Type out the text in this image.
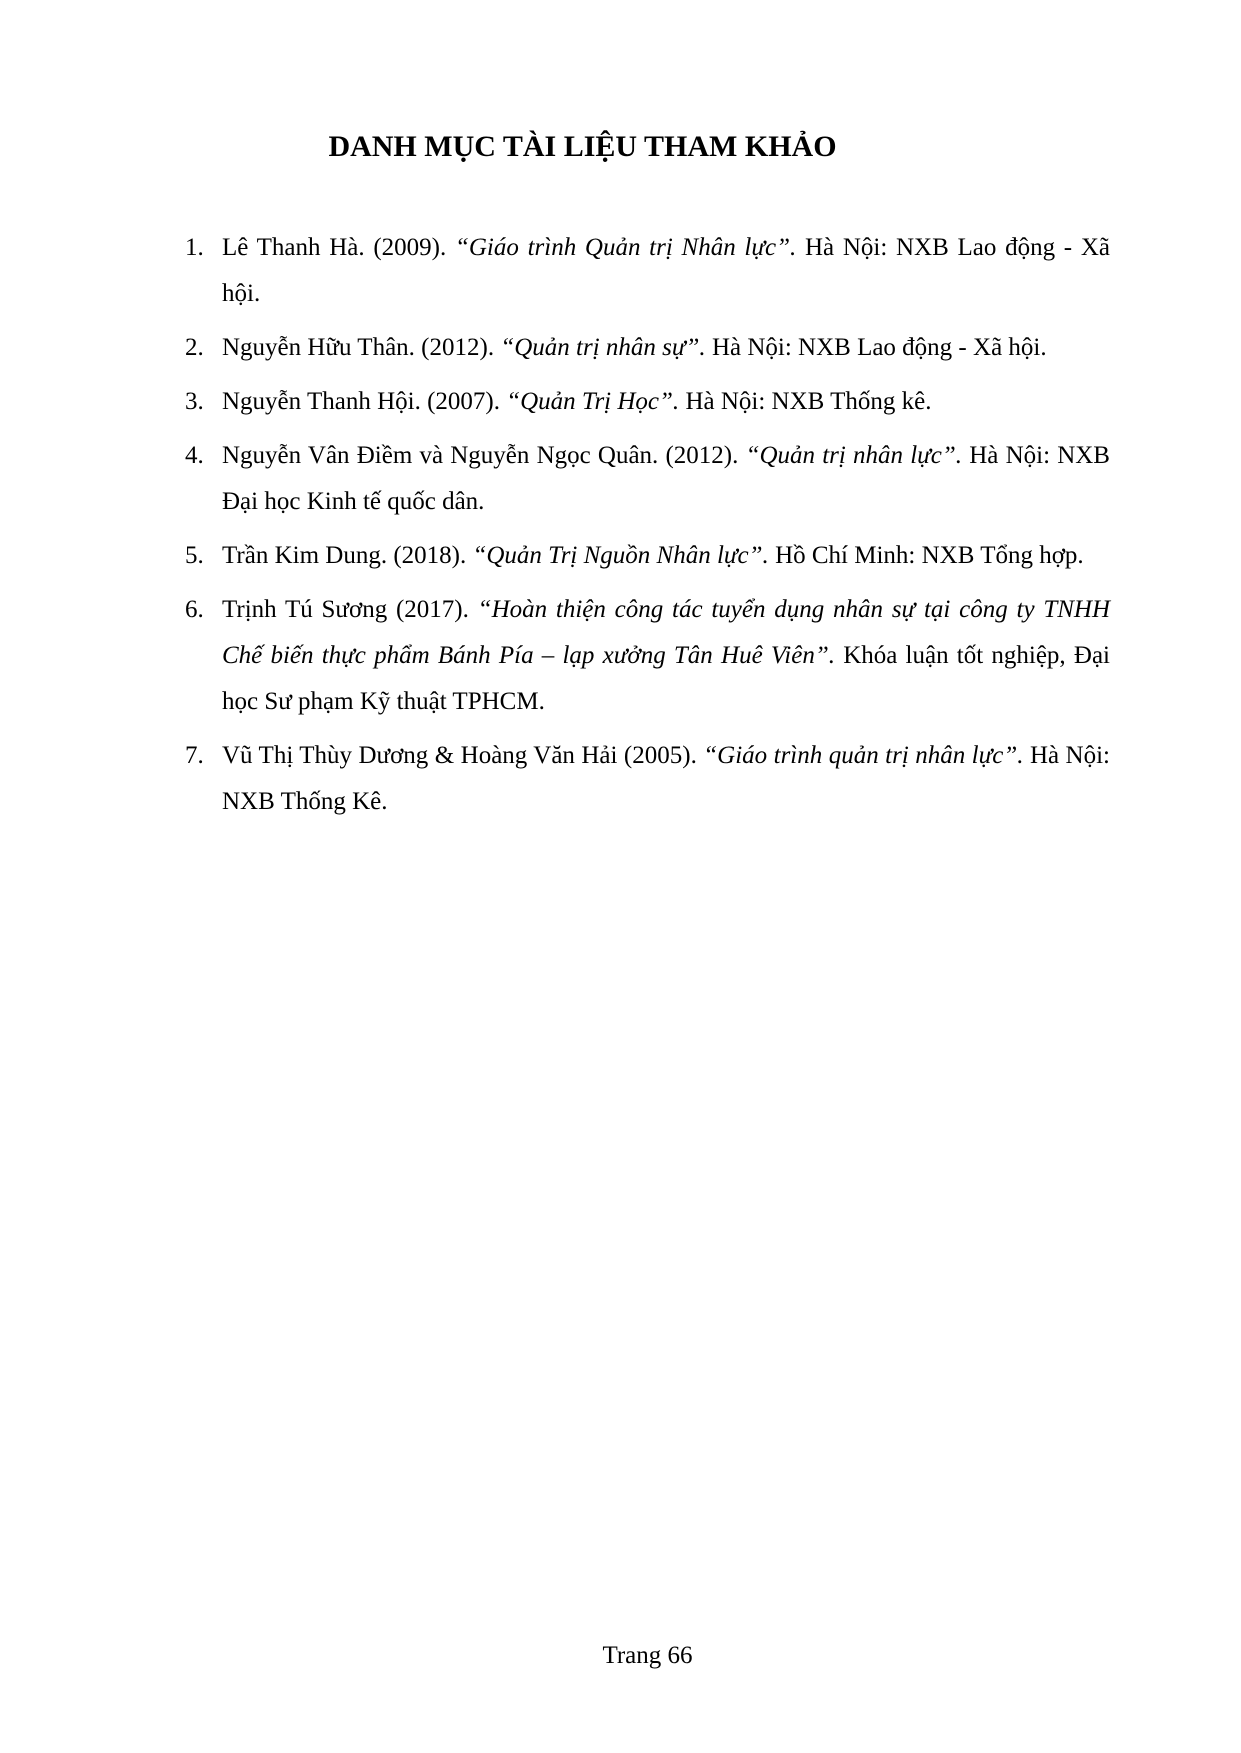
DANH MỤC TÀI LIỆU THAM KHẢO
1. Lê Thanh Hà. (2009). “Giáo trình Quản trị Nhân lực”. Hà Nội: NXB Lao động - Xã hội.
2. Nguyễn Hữu Thân. (2012). “Quản trị nhân sự”. Hà Nội: NXB Lao động - Xã hội.
3. Nguyễn Thanh Hội. (2007). “Quản Trị Học”. Hà Nội: NXB Thống kê.
4. Nguyễn Vân Điềm và Nguyễn Ngọc Quân. (2012). “Quản trị nhân lực”. Hà Nội: NXB Đại học Kinh tế quốc dân.
5. Trần Kim Dung. (2018). “Quản Trị Nguồn Nhân lực”. Hồ Chí Minh: NXB Tổng hợp.
6. Trịnh Tú Sương (2017). “Hoàn thiện công tác tuyển dụng nhân sự tại công ty TNHH Chế biến thực phẩm Bánh Pía – lạp xưởng Tân Huê Viên”. Khóa luận tốt nghiệp, Đại học Sư phạm Kỹ thuật TPHCM.
7. Vũ Thị Thùy Dương & Hoàng Văn Hải (2005). “Giáo trình quản trị nhân lực”. Hà Nội: NXB Thống Kê.
Trang 66
